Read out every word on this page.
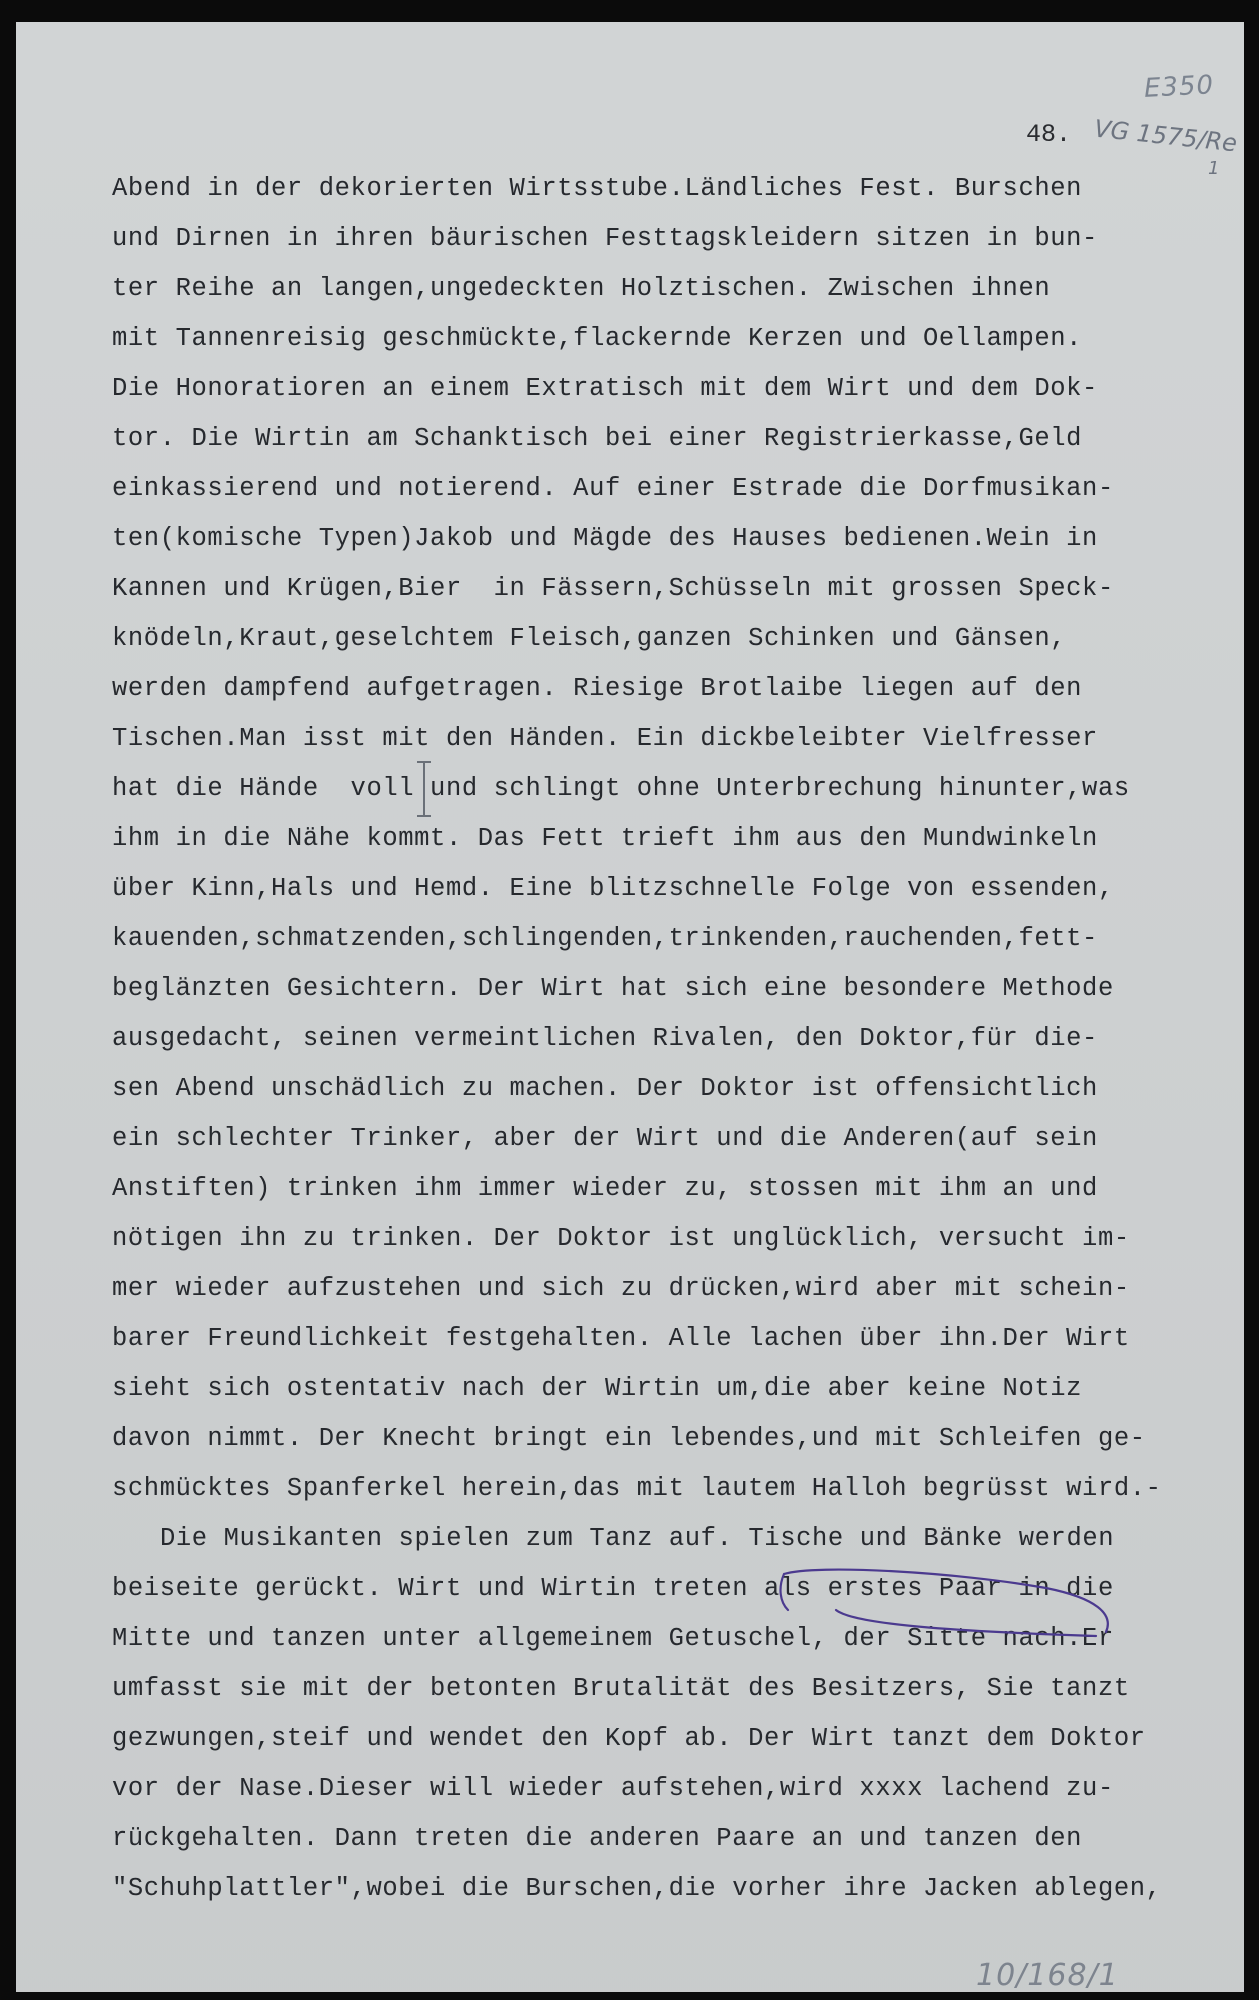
E350
48. VG 1575/Re
1
Abend in der dekorierten Wirtsstube.Ländliches Fest. Burschen
und Dirnen in ihren bäurischen Festtagskleidern sitzen in bun-
ter Reihe an langen,ungedeckten Holztischen. Zwischen ihnen
mit Tannenreisig geschmückte,flackernde Kerzen und Oellampen.
Die Honoratioren an einem Extratisch mit dem Wirt und dem Dok-
tor. Die Wirtin am Schanktisch bei einer Registrierkasse,Geld
einkassierend und notierend. Auf einer Estrade die Dorfmusikan-
ten(komische Typen)Jakob und Mägde des Hauses bedienen.Wein in
Kannen und Krügen,Bier  in Fässern,Schüsseln mit grossen Speck-
knödeln,Kraut,geselchtem Fleisch,ganzen Schinken und Gänsen,
werden dampfend aufgetragen. Riesige Brotlaibe liegen auf den
Tischen.Man isst mit den Händen. Ein dickbeleibter Vielfresser
hat die Hände  voll und schlingt ohne Unterbrechung hinunter,was
ihm in die Nähe kommt. Das Fett trieft ihm aus den Mundwinkeln
über Kinn,Hals und Hemd. Eine blitzschnelle Folge von essenden,
kauenden,schmatzenden,schlingenden,trinkenden,rauchenden,fett-
beglänzten Gesichtern. Der Wirt hat sich eine besondere Methode
ausgedacht, seinen vermeintlichen Rivalen, den Doktor,für die-
sen Abend unschädlich zu machen. Der Doktor ist offensichtlich
ein schlechter Trinker, aber der Wirt und die Anderen(auf sein
Anstiften) trinken ihm immer wieder zu, stossen mit ihm an und
nötigen ihn zu trinken. Der Doktor ist unglücklich, versucht im-
mer wieder aufzustehen und sich zu drücken,wird aber mit schein-
barer Freundlichkeit festgehalten. Alle lachen über ihn.Der Wirt
sieht sich ostentativ nach der Wirtin um,die aber keine Notiz
davon nimmt. Der Knecht bringt ein lebendes,und mit Schleifen ge-
schmücktes Spanferkel herein,das mit lautem Halloh begrüsst wird.-
Die Musikanten spielen zum Tanz auf. Tische und Bänke werden
beiseite gerückt. Wirt und Wirtin treten als erstes Paar in die
Mitte und tanzen unter allgemeinem Getuschel, der Sitte nach.Er
umfasst sie mit der betonten Brutalität des Besitzers, Sie tanzt
gezwungen,steif und wendet den Kopf ab. Der Wirt tanzt dem Doktor
vor der Nase.Dieser will wieder aufstehen,wird xxxx lachend zu-
rückgehalten. Dann treten die anderen Paare an und tanzen den
"Schuhplattler",wobei die Burschen,die vorher ihre Jacken ablegen,
10/168/1
